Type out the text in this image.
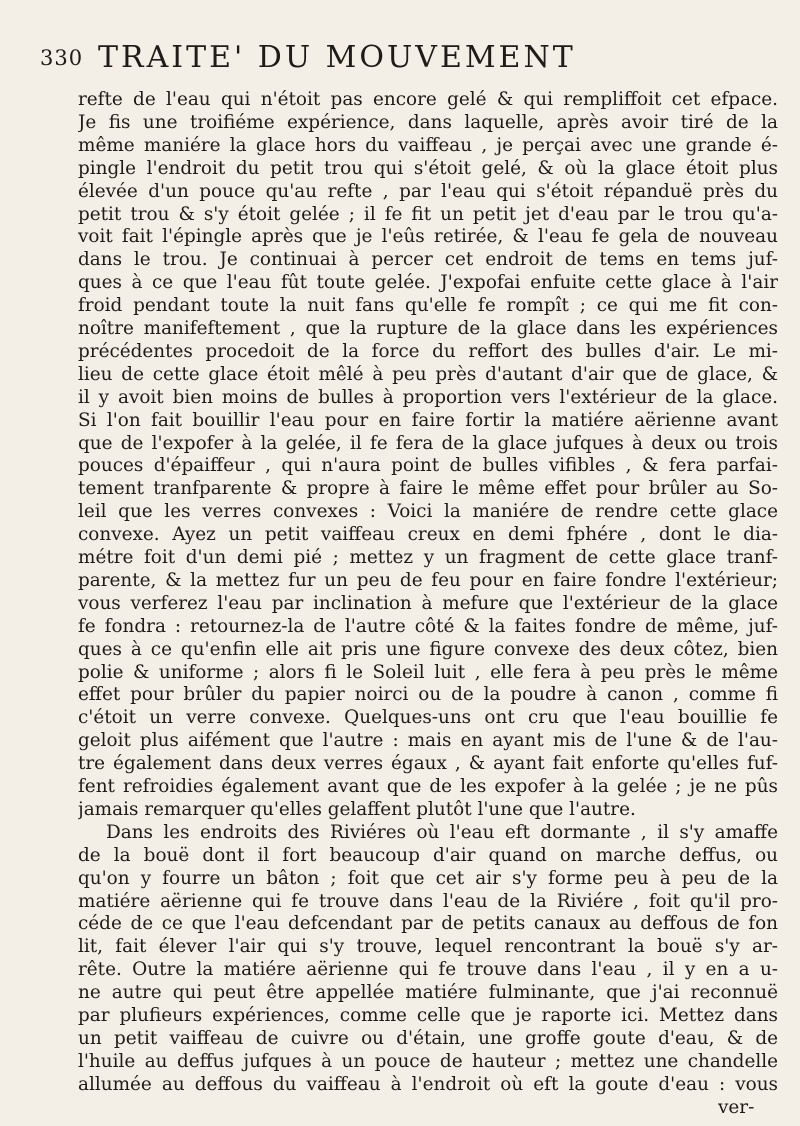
330 TRAITE' DU MOUVEMENT
refte de l'eau qui n'étoit pas encore gelé & qui rempliffoit cet efpace.
Je fis une troifiéme expérience, dans laquelle, après avoir tiré de la
même maniére la glace hors du vaiffeau , je perçai avec une grande é-
pingle l'endroit du petit trou qui s'étoit gelé, & où la glace étoit plus
élevée d'un pouce qu'au refte , par l'eau qui s'étoit répanduë près du
petit trou & s'y étoit gelée ; il fe fit un petit jet d'eau par le trou qu'a-
voit fait l'épingle après que je l'eûs retirée, & l'eau fe gela de nouveau
dans le trou. Je continuai à percer cet endroit de tems en tems juf-
ques à ce que l'eau fût toute gelée. J'expofai enfuite cette glace à l'air
froid pendant toute la nuit fans qu'elle fe rompît ; ce qui me fit con-
noître manifeftement , que la rupture de la glace dans les expériences
précédentes procedoit de la force du reffort des bulles d'air. Le mi-
lieu de cette glace étoit mêlé à peu près d'autant d'air que de glace, &
il y avoit bien moins de bulles à proportion vers l'extérieur de la glace.
Si l'on fait bouillir l'eau pour en faire fortir la matiére aërienne avant
que de l'expofer à la gelée, il fe fera de la glace jufques à deux ou trois
pouces d'épaiffeur , qui n'aura point de bulles vifibles , & fera parfai-
tement tranfparente & propre à faire le même effet pour brûler au So-
leil que les verres convexes : Voici la maniére de rendre cette glace
convexe. Ayez un petit vaiffeau creux en demi fphére , dont le dia-
métre foit d'un demi pié ; mettez y un fragment de cette glace tranf-
parente, & la mettez fur un peu de feu pour en faire fondre l'extérieur;
vous verferez l'eau par inclination à mefure que l'extérieur de la glace
fe fondra : retournez-la de l'autre côté & la faites fondre de même, juf-
ques à ce qu'enfin elle ait pris une figure convexe des deux côtez, bien
polie & uniforme ; alors fi le Soleil luit , elle fera à peu près le même
effet pour brûler du papier noirci ou de la poudre à canon , comme fi
c'étoit un verre convexe. Quelques-uns ont cru que l'eau bouillie fe
geloit plus aifément que l'autre : mais en ayant mis de l'une & de l'au-
tre également dans deux verres égaux , & ayant fait enforte qu'elles fuf-
fent refroidies également avant que de les expofer à la gelée ; je ne pûs
jamais remarquer qu'elles gelaffent plutôt l'une que l'autre.
Dans les endroits des Riviéres où l'eau eft dormante , il s'y amaffe
de la bouë dont il fort beaucoup d'air quand on marche deffus, ou
qu'on y fourre un bâton ; foit que cet air s'y forme peu à peu de la
matiére aërienne qui fe trouve dans l'eau de la Riviére , foit qu'il pro-
céde de ce que l'eau defcendant par de petits canaux au deffous de fon
lit, fait élever l'air qui s'y trouve, lequel rencontrant la bouë s'y ar-
rête. Outre la matiére aërienne qui fe trouve dans l'eau , il y en a u-
ne autre qui peut être appellée matiére fulminante, que j'ai reconnuë
par plufieurs expériences, comme celle que je raporte ici. Mettez dans
un petit vaiffeau de cuivre ou d'étain, une groffe goute d'eau, & de
l'huile au deffus jufques à un pouce de hauteur ; mettez une chandelle
allumée au deffous du vaiffeau à l'endroit où eft la goute d'eau : vous
ver-
